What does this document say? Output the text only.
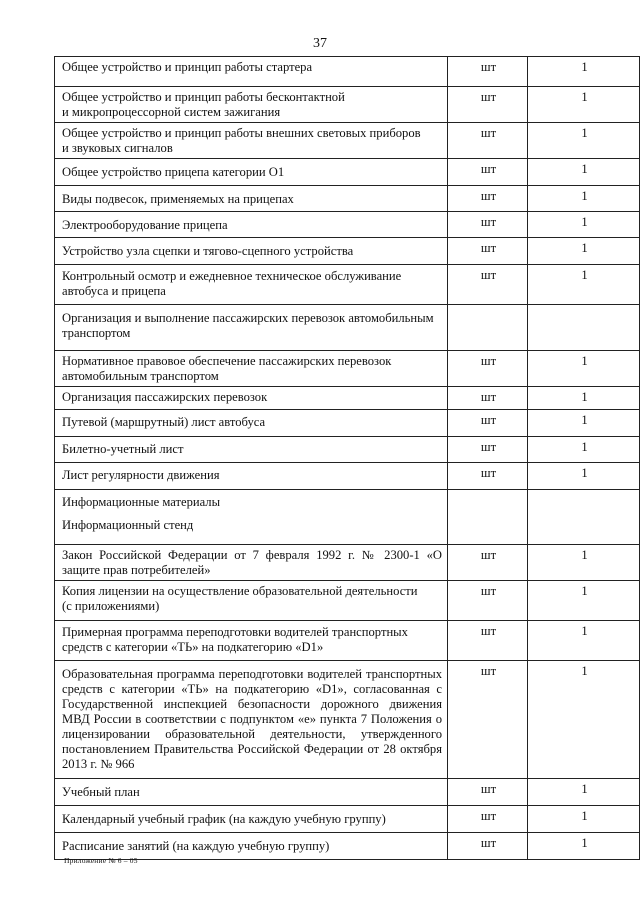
37
Общее устройство и принцип работы стартера	шт	1
Общее устройство и принцип работы бесконтактной
и микропроцессорной систем зажигания	шт	1
Общее устройство и принцип работы внешних световых приборов
и звуковых сигналов	шт	1
Общее устройство прицепа категории О1	шт	1
Виды подвесок, применяемых на прицепах	шт	1
Электрооборудование прицепа	шт	1
Устройство узла сцепки и тягово-сцепного устройства	шт	1
Контрольный осмотр и ежедневное техническое обслуживание
автобуса и прицепа	шт	1
Организация и выполнение пассажирских перевозок автомобильным
транспортом		
Нормативное правовое обеспечение пассажирских перевозок
автомобильным транспортом	шт	1
Организация пассажирских перевозок	шт	1
Путевой (маршрутный) лист автобуса	шт	1
Билетно-учетный лист	шт	1
Лист регулярности движения	шт	1

Информационные материалы
Информационный стенд		

Закон Российской Федерации от 7 февраля 1992 г. № 2300-1 «О защите прав потребителей»	шт	1
Копия лицензии на осуществление образовательной деятельности
(с приложениями)	шт	1
Примерная программа переподготовки водителей транспортных
средств с категории «ТЬ» на подкатегорию «D1»	шт	1
Образовательная программа переподготовки водителей транспортных средств с категории «ТЬ» на подкатегорию «D1», согласованная с Государственной инспекцией безопасности дорожного движения МВД России в соответствии с подпунктом «е» пункта 7 Положения о лицензировании образовательной деятельности, утвержденного постановлением Правительства Российской Федерации от 28 октября 2013 г. № 966	шт	1
Учебный план	шт	1
Календарный учебный график (на каждую учебную группу)	шт	1
Расписание занятий (на каждую учебную группу)	шт	1
Приложение № 6 – 05
